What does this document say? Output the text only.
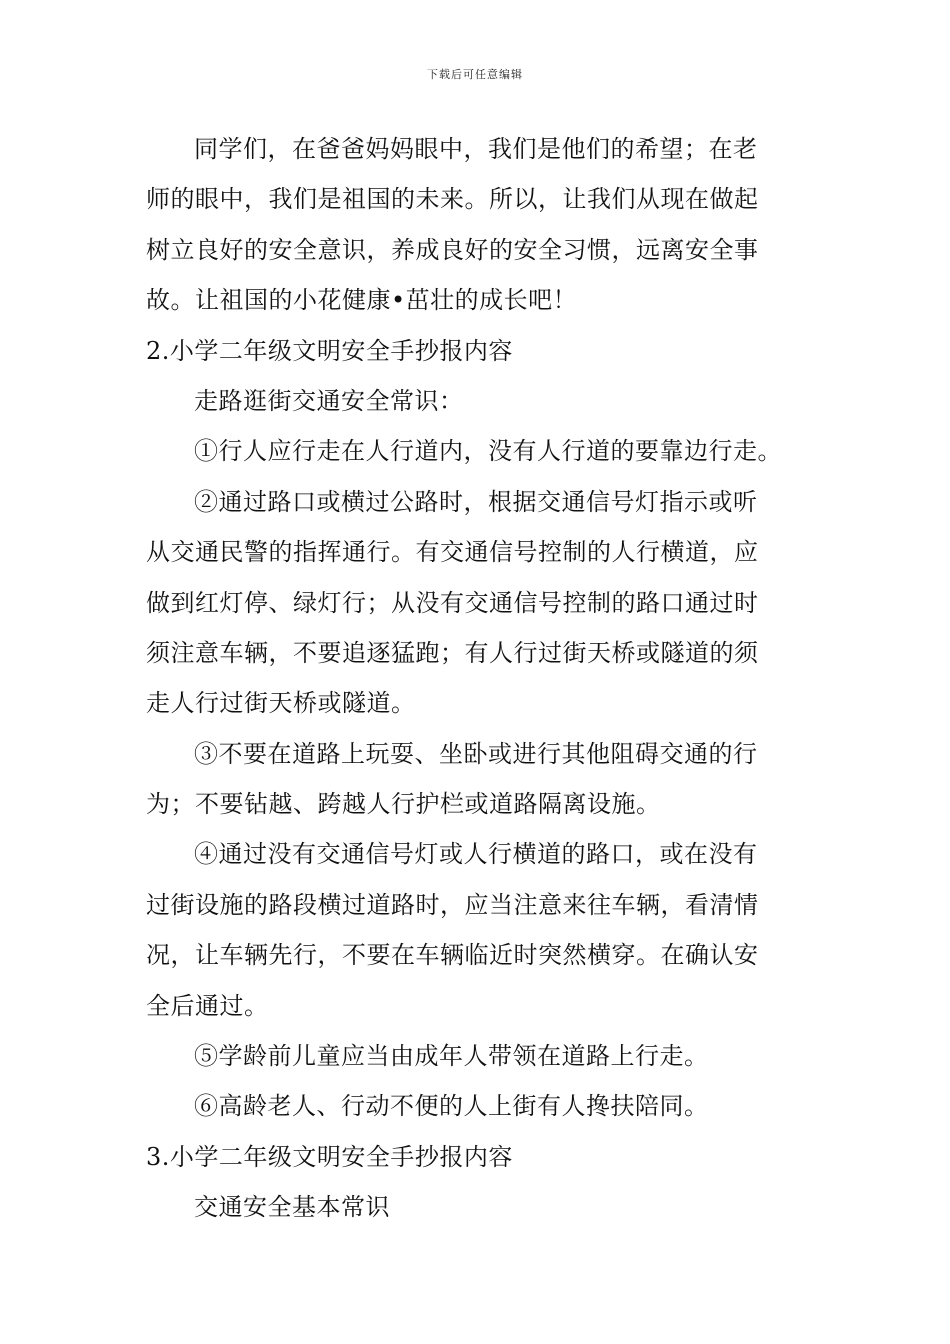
下载后可任意编辑
同学们，在爸爸妈妈眼中，我们是他们的希望；在老
师的眼中，我们是祖国的未来。所以，让我们从现在做起
树立良好的安全意识，养成良好的安全习惯，远离安全事
故。让祖国的小花健康•茁壮的成长吧！
2.小学二年级文明安全手抄报内容
走路逛街交通安全常识：
①行人应行走在人行道内，没有人行道的要靠边行走。
②通过路口或横过公路时，根据交通信号灯指示或听
从交通民警的指挥通行。有交通信号控制的人行横道，应
做到红灯停、绿灯行；从没有交通信号控制的路口通过时
须注意车辆，不要追逐猛跑；有人行过街天桥或隧道的须
走人行过街天桥或隧道。
③不要在道路上玩耍、坐卧或进行其他阻碍交通的行
为；不要钻越、跨越人行护栏或道路隔离设施。
④通过没有交通信号灯或人行横道的路口，或在没有
过街设施的路段横过道路时，应当注意来往车辆，看清情
况，让车辆先行，不要在车辆临近时突然横穿。在确认安
全后通过。
⑤学龄前儿童应当由成年人带领在道路上行走。
⑥高龄老人、行动不便的人上街有人搀扶陪同。
3.小学二年级文明安全手抄报内容
交通安全基本常识
